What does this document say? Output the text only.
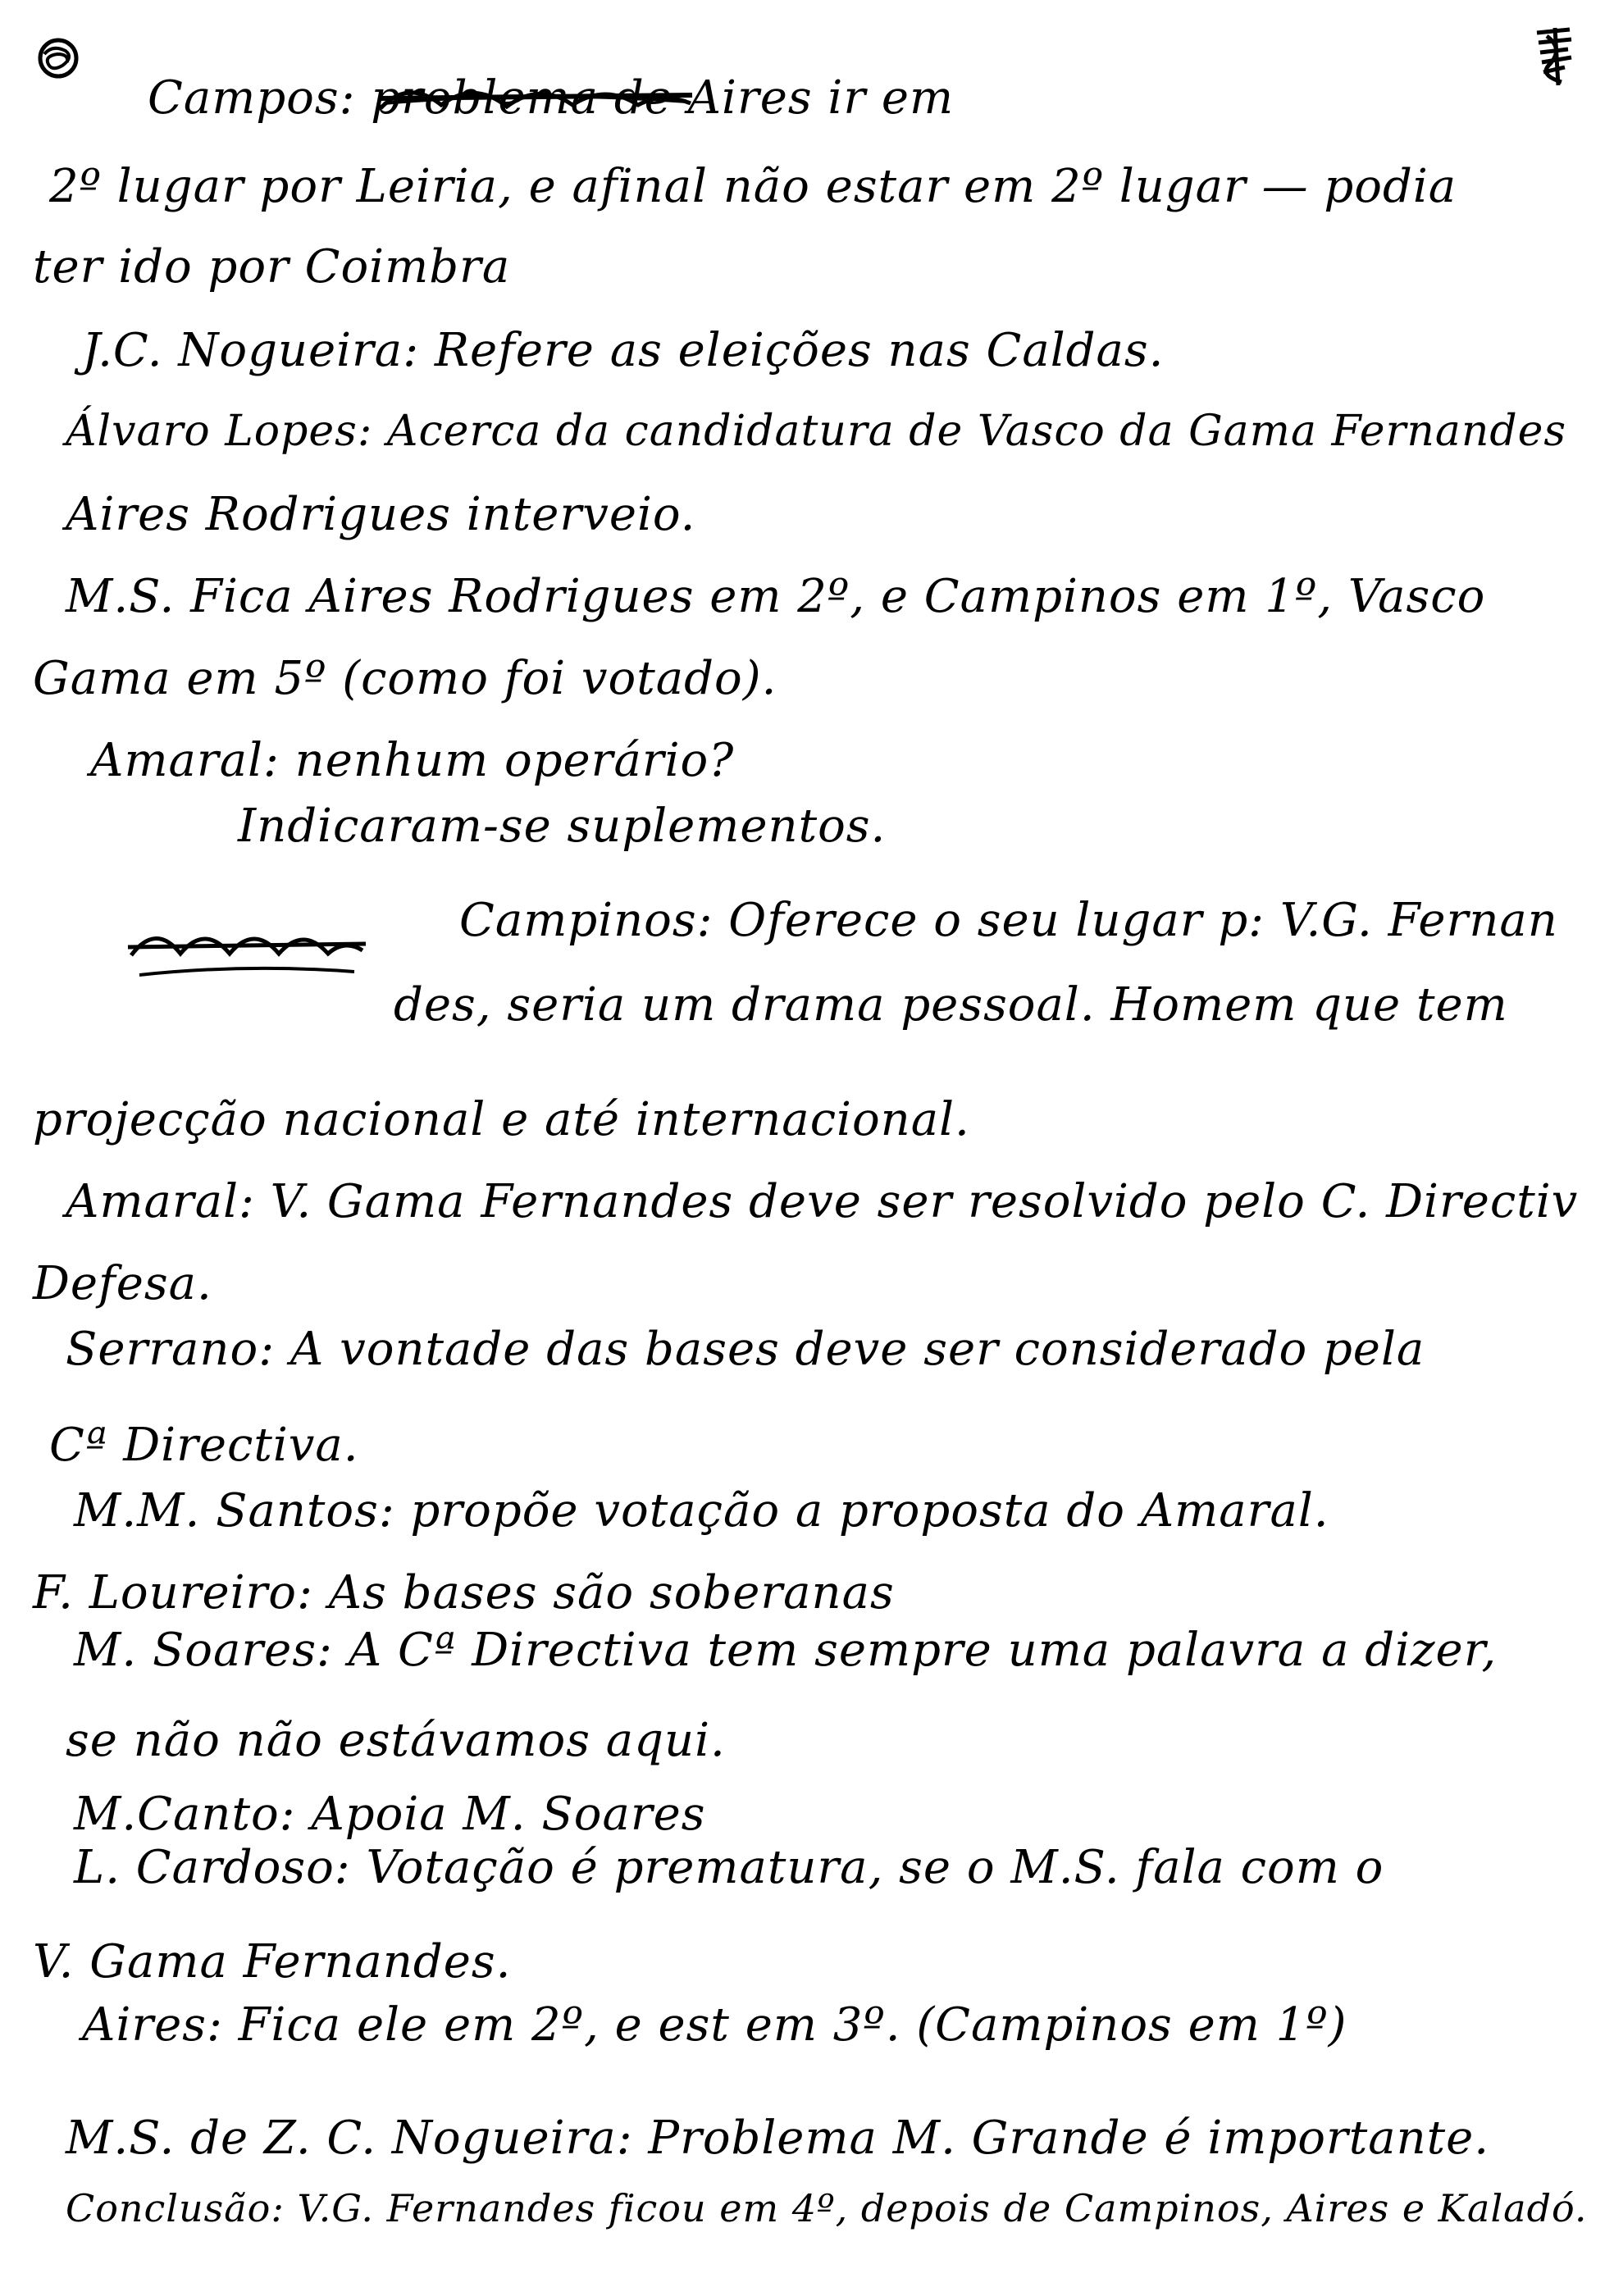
Campos: problema de Aires ir em
2º lugar por Leiria, e afinal não estar em 2º lugar — podia
ter ido por Coimbra
J.C. Nogueira: Refere as eleições nas Caldas.
Álvaro Lopes: Acerca da candidatura de Vasco da Gama Fernandes
Aires Rodrigues interveio.
M.S. Fica Aires Rodrigues em 2º, e Campinos em 1º, Vasco
Gama em 5º (como foi votado).
Amaral: nenhum operário?
Indicaram-se suplementos.
Campinos: Oferece o seu lugar p: V.G. Fernan
des, seria um drama pessoal. Homem que tem
projecção nacional e até internacional.
Amaral: V. Gama Fernandes deve ser resolvido pelo C. Directiv
Defesa.
Serrano: A vontade das bases deve ser considerado pela
Cª Directiva.
M.M. Santos: propõe votação a proposta do Amaral.
F. Loureiro: As bases são soberanas
M. Soares: A Cª Directiva tem sempre uma palavra a dizer,
se não não estávamos aqui.
M.Canto: Apoia M. Soares
L. Cardoso: Votação é prematura, se o M.S. fala com o
V. Gama Fernandes.
Aires: Fica ele em 2º, e est em 3º. (Campinos em 1º)
M.S. de Z. C. Nogueira: Problema M. Grande é importante.
Conclusão: V.G. Fernandes ficou em 4º, depois de Campinos, Aires e Kaladó.
